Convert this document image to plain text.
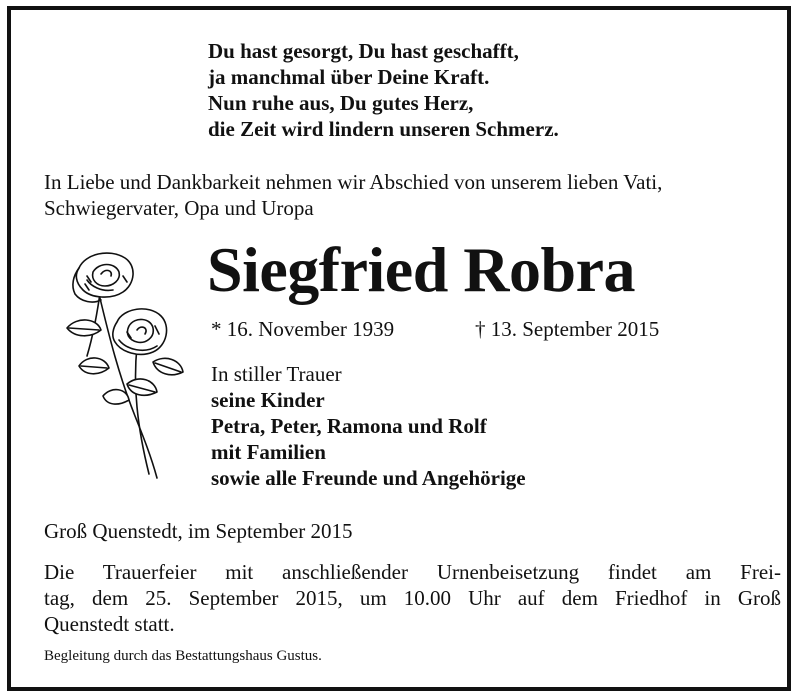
Du hast gesorgt, Du hast geschafft,
ja manchmal über Deine Kraft.
Nun ruhe aus, Du gutes Herz,
die Zeit wird lindern unseren Schmerz.
In Liebe und Dankbarkeit nehmen wir Abschied von unserem lieben Vati,
Schwiegervater, Opa und Uropa
Siegfried Robra
* 16. November 1939	† 13. September 2015
In stiller Trauer
seine Kinder
Petra, Peter, Ramona und Rolf
mit Familien
sowie alle Freunde und Angehörige
Groß Quenstedt, im September 2015
Die Trauerfeier mit anschließender Urnenbeisetzung findet am Frei-
tag, dem 25. September 2015, um 10.00 Uhr auf dem Friedhof in Groß
Quenstedt statt.
Begleitung durch das Bestattungshaus Gustus.
